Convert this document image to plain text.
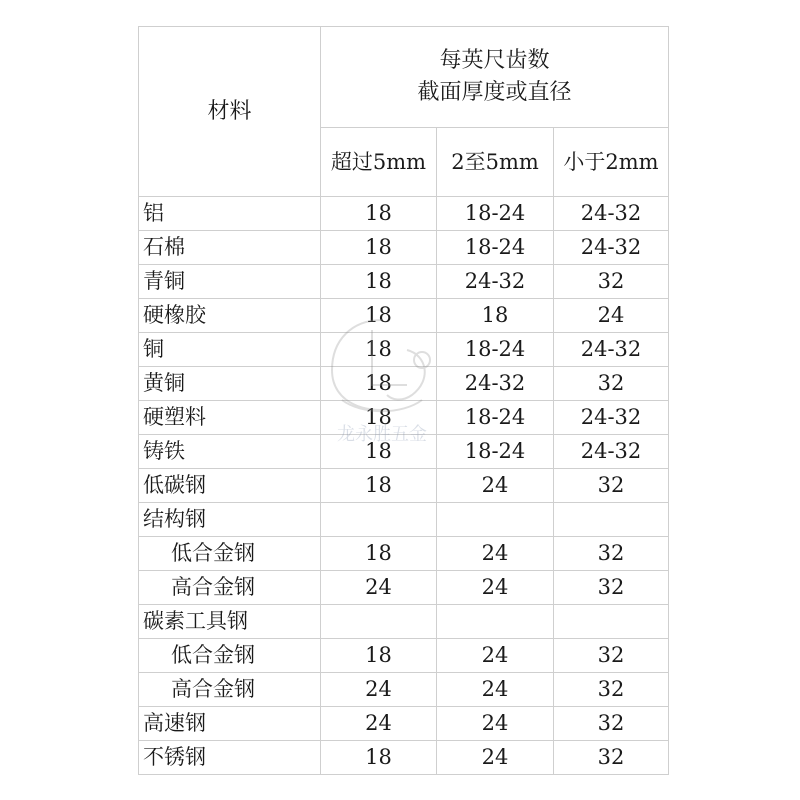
材料	每英尺齿数
截面厚度或直径		

	超过5mm	2至5mm	小于2mm
铝	18	18-24	24-32
石棉	18	18-24	24-32
青铜	18	24-32	32
硬橡胶	18	18	24
铜	18	18-24	24-32
黄铜	18	24-32	32
硬塑料	18	18-24	24-32
铸铁	18	18-24	24-32
低碳钢	18	24	32
结构钢			
低合金钢	18	24	32
高合金钢	24	24	32
碳素工具钢			
低合金钢	18	24	32
高合金钢	24	24	32
高速钢	24	24	32
不锈钢	18	24	32
龙永胜五金
